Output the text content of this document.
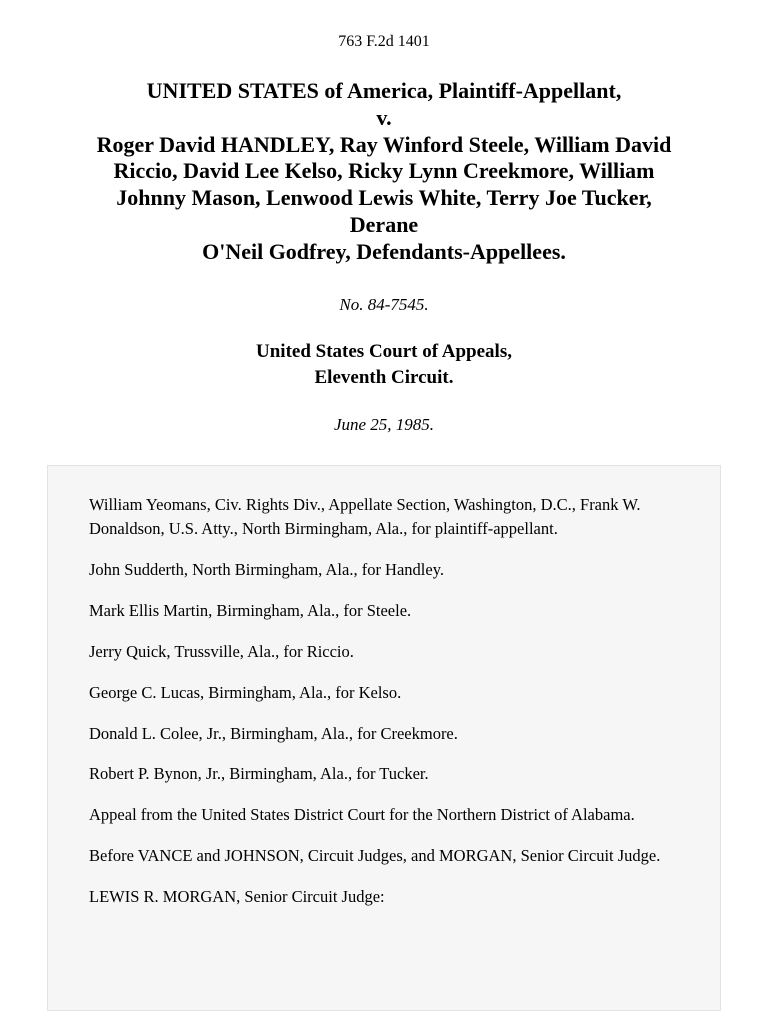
763 F.2d 1401
UNITED STATES of America, Plaintiff-Appellant,
v.
Roger David HANDLEY, Ray Winford Steele, William David
Riccio, David Lee Kelso, Ricky Lynn Creekmore, William
Johnny Mason, Lenwood Lewis White, Terry Joe Tucker,
Derane
O'Neil Godfrey, Defendants-Appellees.
No. 84-7545.
United States Court of Appeals,
Eleventh Circuit.
June 25, 1985.

William Yeomans, Civ. Rights Div., Appellate Section, Washington, D.C., Frank W. Donaldson, U.S. Atty., North Birmingham, Ala., for plaintiff-appellant.

John Sudderth, North Birmingham, Ala., for Handley.

Mark Ellis Martin, Birmingham, Ala., for Steele.

Jerry Quick, Trussville, Ala., for Riccio.

George C. Lucas, Birmingham, Ala., for Kelso.

Donald L. Colee, Jr., Birmingham, Ala., for Creekmore.

Robert P. Bynon, Jr., Birmingham, Ala., for Tucker.

Appeal from the United States District Court for the Northern District of Alabama.

Before VANCE and JOHNSON, Circuit Judges, and MORGAN, Senior Circuit Judge.

LEWIS R. MORGAN, Senior Circuit Judge:
